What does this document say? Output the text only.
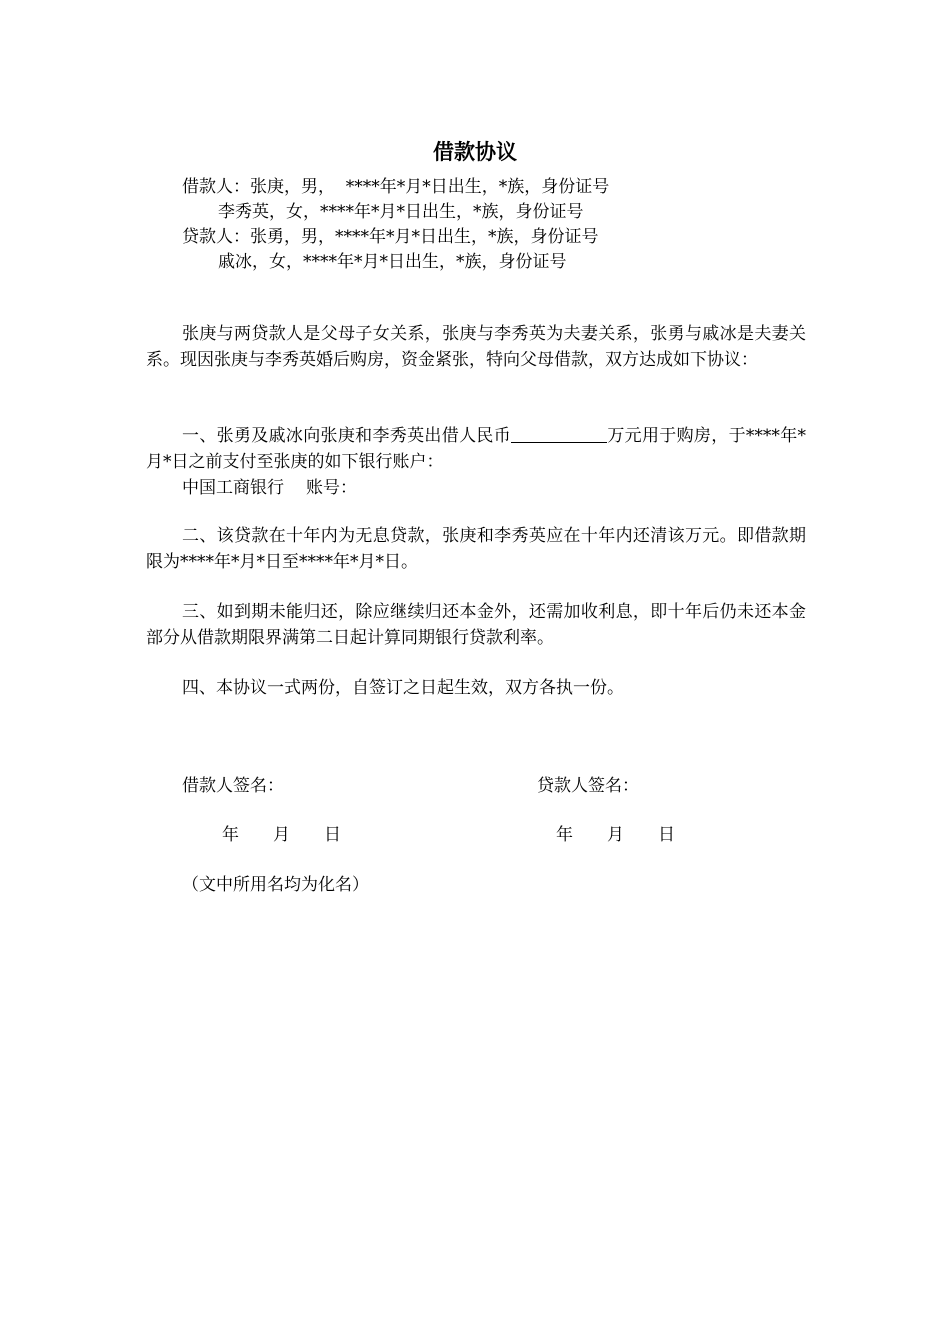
借款协议
借款人：张庚，男，  ****年*月*日出生，*族，身份证号
李秀英，女，****年*月*日出生，*族，身份证号
贷款人：张勇，男，****年*月*日出生，*族，身份证号
戚冰，女，****年*月*日出生，*族，身份证号
张庚与两贷款人是父母子女关系，张庚与李秀英为夫妻关系，张勇与戚冰是夫妻关系。现因张庚与李秀英婚后购房，资金紧张，特向父母借款，双方达成如下协议：
一、张勇及戚冰向张庚和李秀英出借人民币	万元用于购房，于****年*月*日之前支付至张庚的如下银行账户：
中国工商银行 账号：
二、该贷款在十年内为无息贷款，张庚和李秀英应在十年内还清该万元。即借款期限为****年*月*日至****年*月*日。
三、如到期未能归还，除应继续归还本金外，还需加收利息，即十年后仍未还本金部分从借款期限界满第二日起计算同期银行贷款利率。
四、本协议一式两份，自签订之日起生效，双方各执一份。
借款人签名：	贷款人签名：
年 月 日	年 月 日
（文中所用名均为化名）
